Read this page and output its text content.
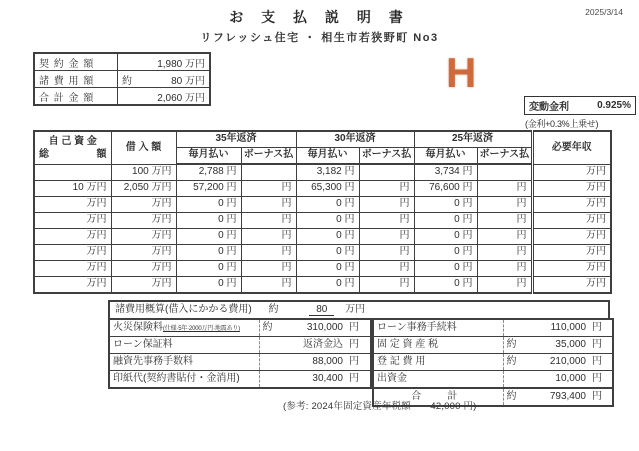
2025/3/14
お 支 払 説 明 書
リフレッシュ住宅 ・ 相生市若狭野町 No3
契 約 金 額	1,980 万円

諸 費 用 額	約 80 万円

合 計 金 額	2,060 万円
H
変動金利	0.925%
(金利+0.3%上乗せ)
自 己 資 金
総 額	借 入 額	35年返済		30年返済		25年返済		必要年収
		毎月払い	ボーナス払	毎月払い	ボーナス払	毎月払い	ボーナス払	
	100 万円	2,788 円		3,182 円		3,734 円		万円
10 万円	2,050 万円	57,200 円	円	65,300 円	円	76,600 円	円	万円
万円	万円	0 円	円	0 円	円	0 円	円	万円
万円	万円	0 円	円	0 円	円	0 円	円	万円
万円	万円	0 円	円	0 円	円	0 円	円	万円
万円	万円	0 円	円	0 円	円	0 円	円	万円
万円	万円	0 円	円	0 円	円	0 円	円	万円
万円	万円	0 円	円	0 円	円	0 円	円	万円
諸費用概算(借入にかかる費用) 約	80 万円
火災保険料(仕様·5年·2000万円·地震あり)	約	310,000	円
ローン保証料		返済金込	円
融資先事務手数料		88,000	円
印紙代(契約書貼付・金消用)		30,400	円
ローン事務手続料		110,000	円
固 定 資 産 税	約	35,000	円
登 記 費 用	約	210,000	円
出資金		10,000	円
合　計	約	793,400	円
(参考: 2024年固定資産年税額　　42,000 円)
